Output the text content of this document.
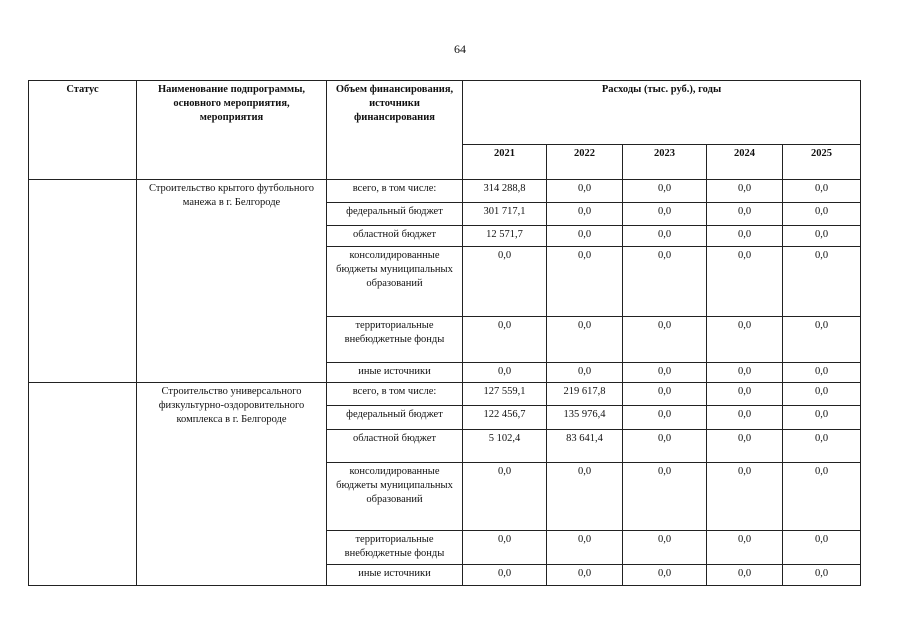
64
Статус	Наименование подпрограммы, основного мероприятия, мероприятия	Объем финансирования, источники финансирования	Расходы (тыс. руб.), годы				
			2021	2022	2023	2024	2025
	Строительство крытого футбольного манежа в г. Белгороде	всего, в том числе:	314 288,8	0,0	0,0	0,0	0,0
		федеральный бюджет	301 717,1	0,0	0,0	0,0	0,0
		областной бюджет	12 571,7	0,0	0,0	0,0	0,0
		консолидированные бюджеты муниципальных образований	0,0	0,0	0,0	0,0	0,0
		территориальные внебюджетные фонды	0,0	0,0	0,0	0,0	0,0
		иные источники	0,0	0,0	0,0	0,0	0,0
	Строительство универсального физкультурно-оздоровительного комплекса в г. Белгороде	всего, в том числе:	127 559,1	219 617,8	0,0	0,0	0,0
		федеральный бюджет	122 456,7	135 976,4	0,0	0,0	0,0
		областной бюджет	5 102,4	83 641,4	0,0	0,0	0,0
		консолидированные бюджеты муниципальных образований	0,0	0,0	0,0	0,0	0,0
		территориальные внебюджетные фонды	0,0	0,0	0,0	0,0	0,0
		иные источники	0,0	0,0	0,0	0,0	0,0
